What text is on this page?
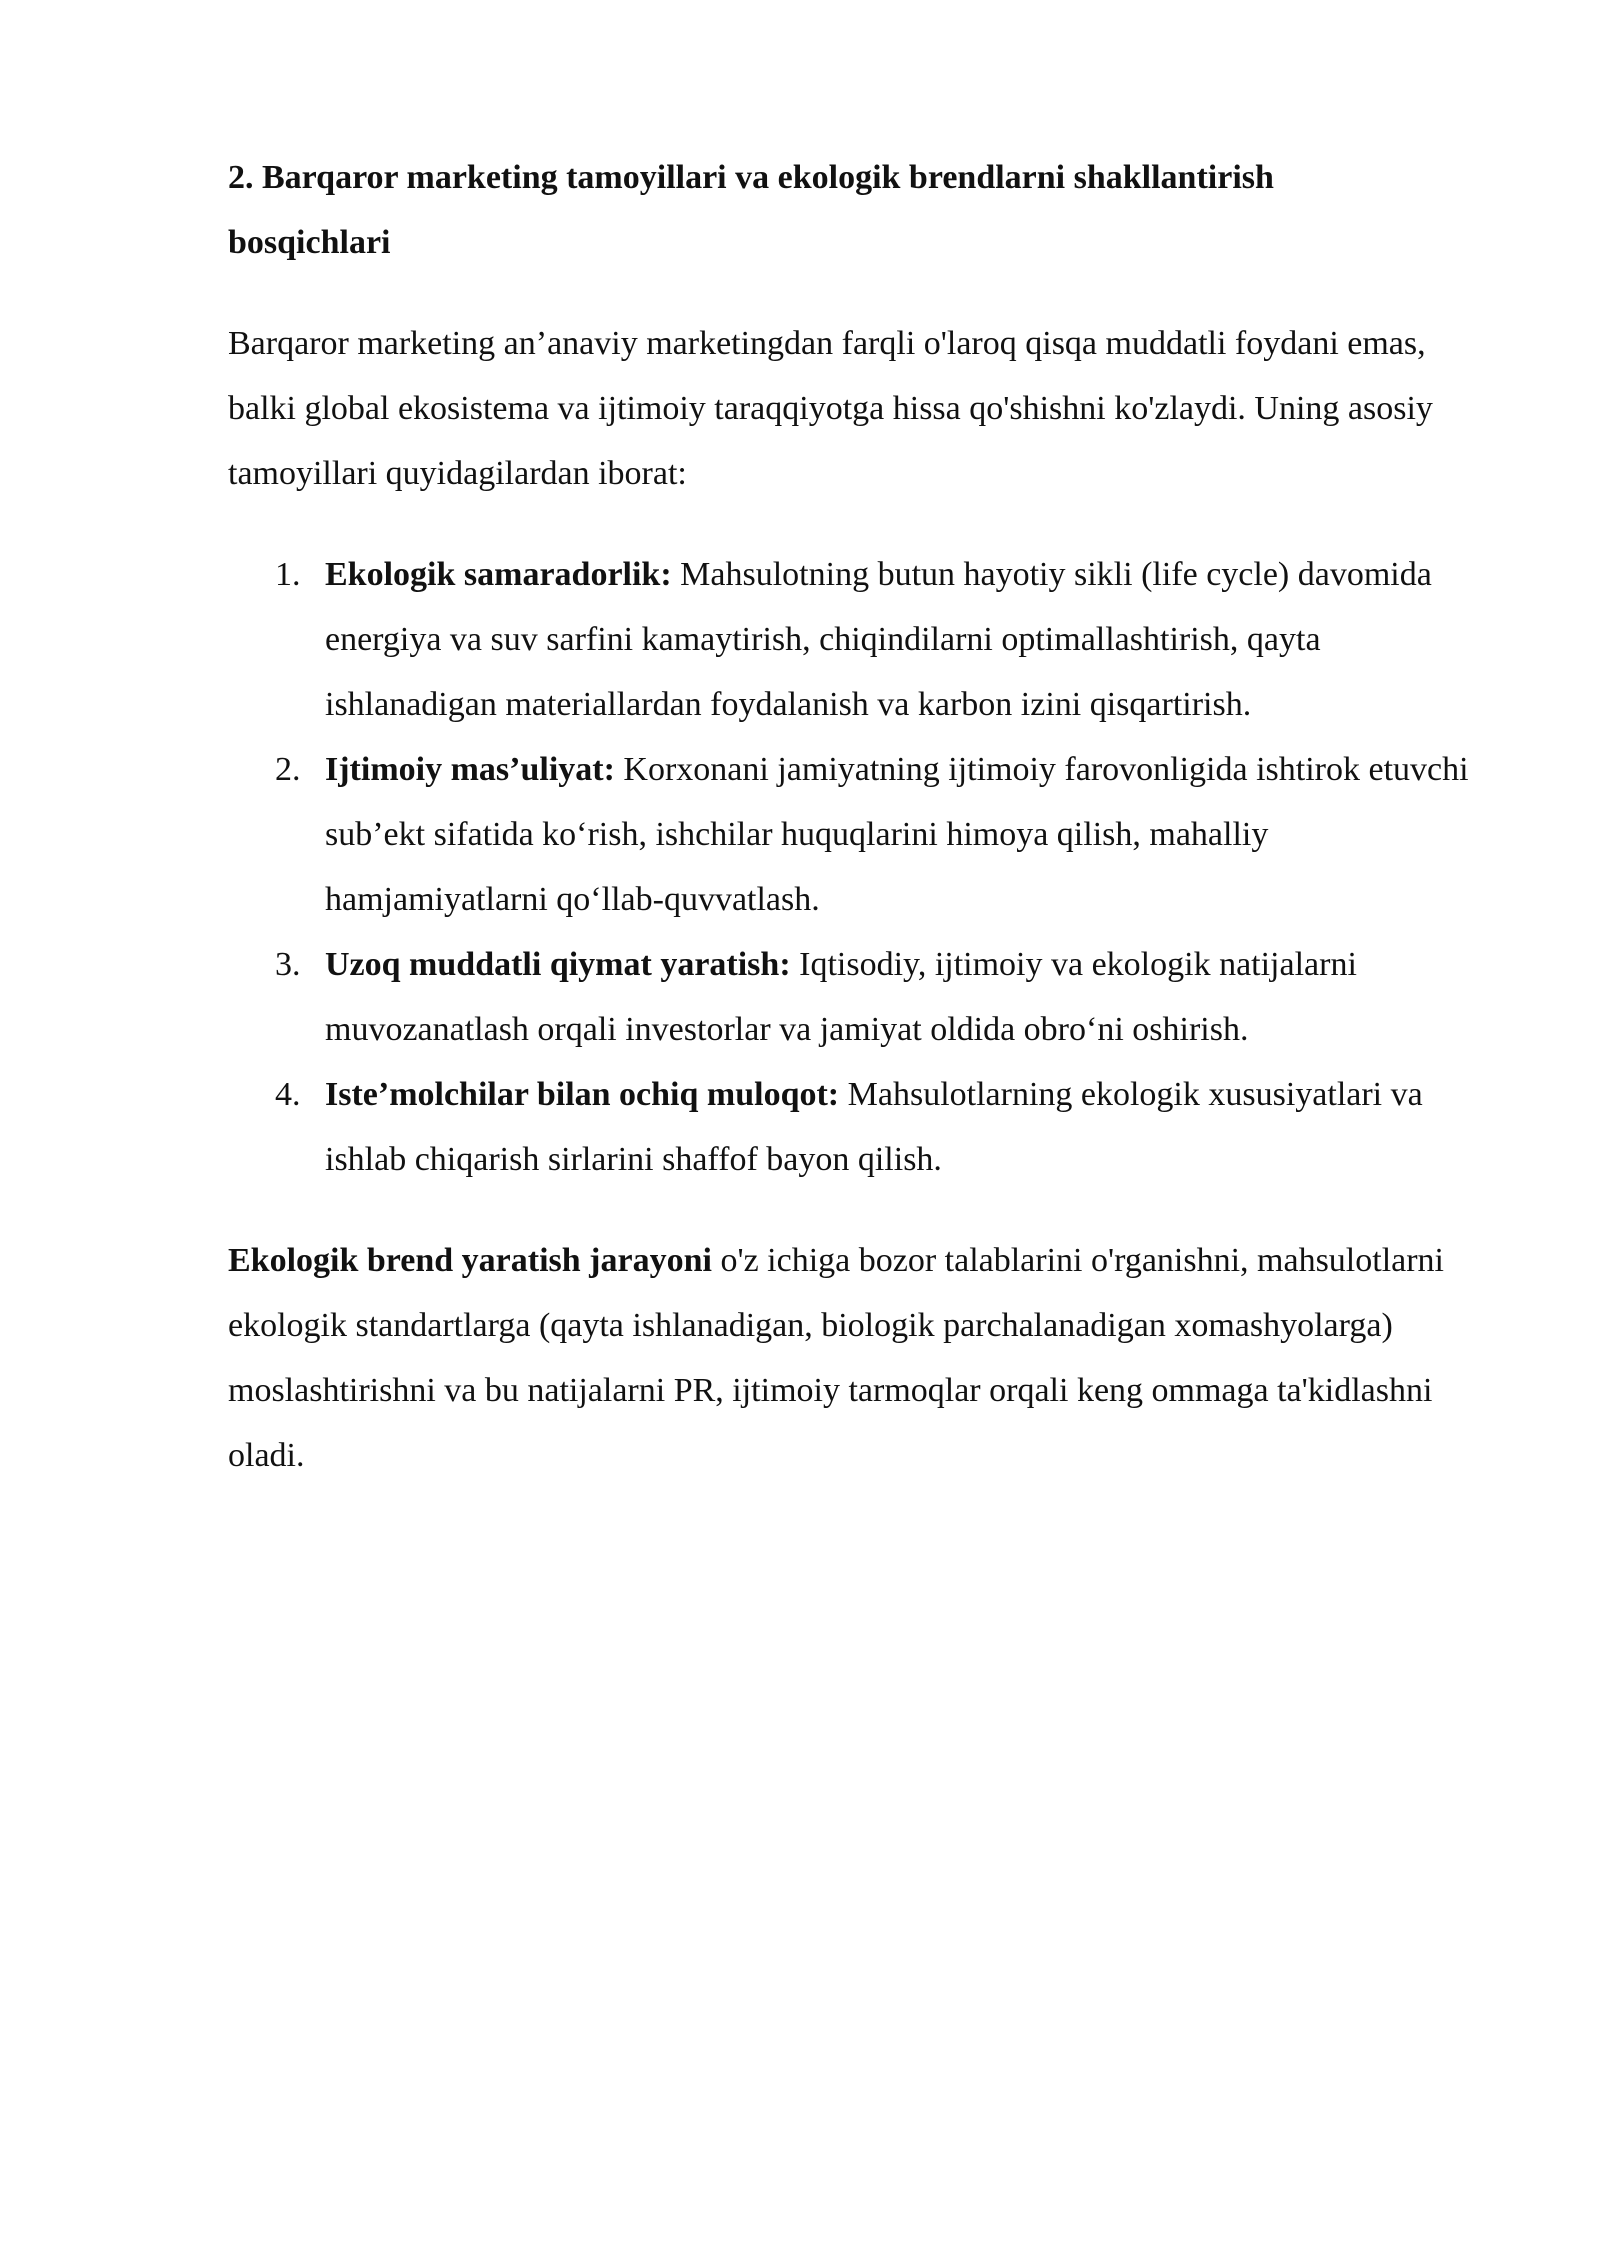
2. Barqaror marketing tamoyillari va ekologik brendlarni shakllantirish bosqichlari

Barqaror marketing an’anaviy marketingdan farqli o'laroq qisqa muddatli foydani emas, balki global ekosistema va ijtimoiy taraqqiyotga hissa qo'shishni ko'zlaydi. Uning asosiy tamoyillari quyidagilardan iborat:

1. Ekologik samaradorlik: Mahsulotning butun hayotiy sikli (life cycle) davomida energiya va suv sarfini kamaytirish, chiqindilarni optimallashtirish, qayta ishlanadigan materiallardan foydalanish va karbon izini qisqartirish.
2. Ijtimoiy mas’uliyat: Korxonani jamiyatning ijtimoiy farovonligida ishtirok etuvchi sub’ekt sifatida ko‘rish, ishchilar huquqlarini himoya qilish, mahalliy hamjamiyatlarni qo‘llab-quvvatlash.
3. Uzoq muddatli qiymat yaratish: Iqtisodiy, ijtimoiy va ekologik natijalarni muvozanatlash orqali investorlar va jamiyat oldida obro‘ni oshirish.
4. Iste’molchilar bilan ochiq muloqot: Mahsulotlarning ekologik xususiyatlari va ishlab chiqarish sirlarini shaffof bayon qilish.

Ekologik brend yaratish jarayoni o'z ichiga bozor talablarini o'rganishni, mahsulotlarni ekologik standartlarga (qayta ishlanadigan, biologik parchalanadigan xomashyolarga) moslashtirishni va bu natijalarni PR, ijtimoiy tarmoqlar orqali keng ommaga ta'kidlashni oladi.
